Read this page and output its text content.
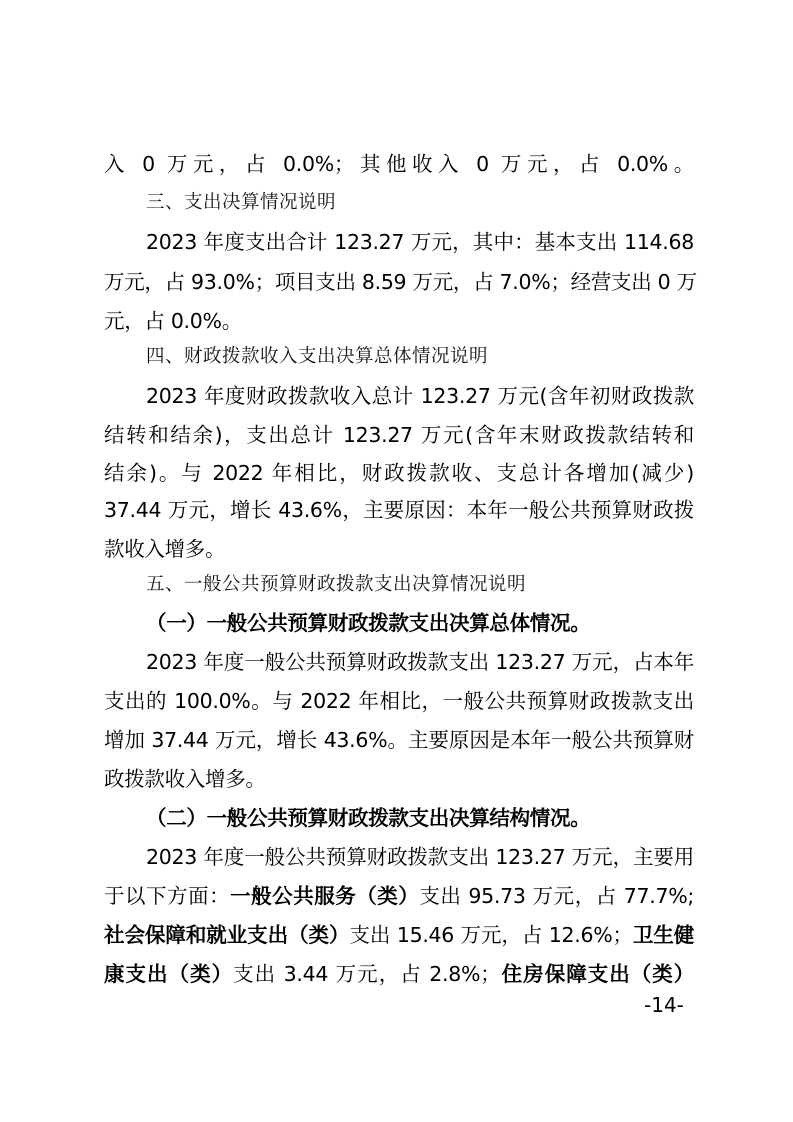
入 0 万元，占 0.0%；其他收入 0 万元，占 0.0%。
三、支出决算情况说明
2023 年度支出合计 123.27 万元，其中：基本支出 114.68
万元，占 93.0%；项目支出 8.59 万元，占 7.0%；经营支出 0 万
元，占 0.0%。
四、财政拨款收入支出决算总体情况说明
2023 年度财政拨款收入总计 123.27 万元(含年初财政拨款
结转和结余)，支出总计 123.27 万元(含年末财政拨款结转和
结余)。与 2022 年相比，财政拨款收、支总计各增加(减少)
37.44 万元，增长 43.6%，主要原因：本年一般公共预算财政拨
款收入增多。
五、一般公共预算财政拨款支出决算情况说明
（一）一般公共预算财政拨款支出决算总体情况。
2023 年度一般公共预算财政拨款支出 123.27 万元，占本年
支出的 100.0%。与 2022 年相比，一般公共预算财政拨款支出
增加 37.44 万元，增长 43.6%。主要原因是本年一般公共预算财
政拨款收入增多。
（二）一般公共预算财政拨款支出决算结构情况。
2023 年度一般公共预算财政拨款支出 123.27 万元，主要用
于以下方面：一般公共服务（类）支出 95.73 万元，占 77.7%;
社会保障和就业支出（类）支出 15.46 万元，占 12.6%；卫生健
康支出（类）支出 3.44 万元，占 2.8%；住房保障支出（类）
-14-
